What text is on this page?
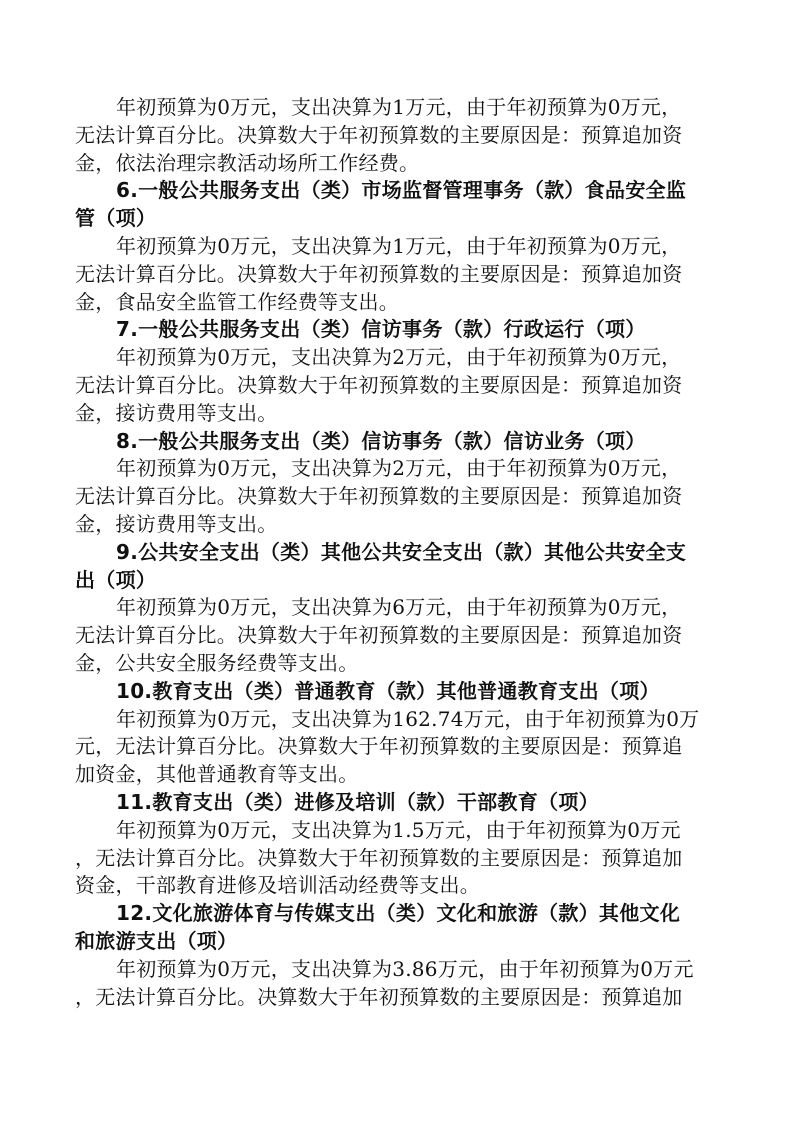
年初预算为0万元，支出决算为1万元，由于年初预算为0万元，
无法计算百分比。决算数大于年初预算数的主要原因是：预算追加资
金，依法治理宗教活动场所工作经费。
6.一般公共服务支出（类）市场监督管理事务（款）食品安全监
管（项）
年初预算为0万元，支出决算为1万元，由于年初预算为0万元，
无法计算百分比。决算数大于年初预算数的主要原因是：预算追加资
金，食品安全监管工作经费等支出。
7.一般公共服务支出（类）信访事务（款）行政运行（项）
年初预算为0万元，支出决算为2万元，由于年初预算为0万元，
无法计算百分比。决算数大于年初预算数的主要原因是：预算追加资
金，接访费用等支出。
8.一般公共服务支出（类）信访事务（款）信访业务（项）
年初预算为0万元，支出决算为2万元，由于年初预算为0万元，
无法计算百分比。决算数大于年初预算数的主要原因是：预算追加资
金，接访费用等支出。
9.公共安全支出（类）其他公共安全支出（款）其他公共安全支
出（项）
年初预算为0万元，支出决算为6万元，由于年初预算为0万元，
无法计算百分比。决算数大于年初预算数的主要原因是：预算追加资
金，公共安全服务经费等支出。
10.教育支出（类）普通教育（款）其他普通教育支出（项）
年初预算为0万元，支出决算为162.74万元，由于年初预算为0万
元，无法计算百分比。决算数大于年初预算数的主要原因是：预算追
加资金，其他普通教育等支出。
11.教育支出（类）进修及培训（款）干部教育（项）
年初预算为0万元，支出决算为1.5万元，由于年初预算为0万元
，无法计算百分比。决算数大于年初预算数的主要原因是：预算追加
资金，干部教育进修及培训活动经费等支出。
12.文化旅游体育与传媒支出（类）文化和旅游（款）其他文化
和旅游支出（项）
年初预算为0万元，支出决算为3.86万元，由于年初预算为0万元
，无法计算百分比。决算数大于年初预算数的主要原因是：预算追加
